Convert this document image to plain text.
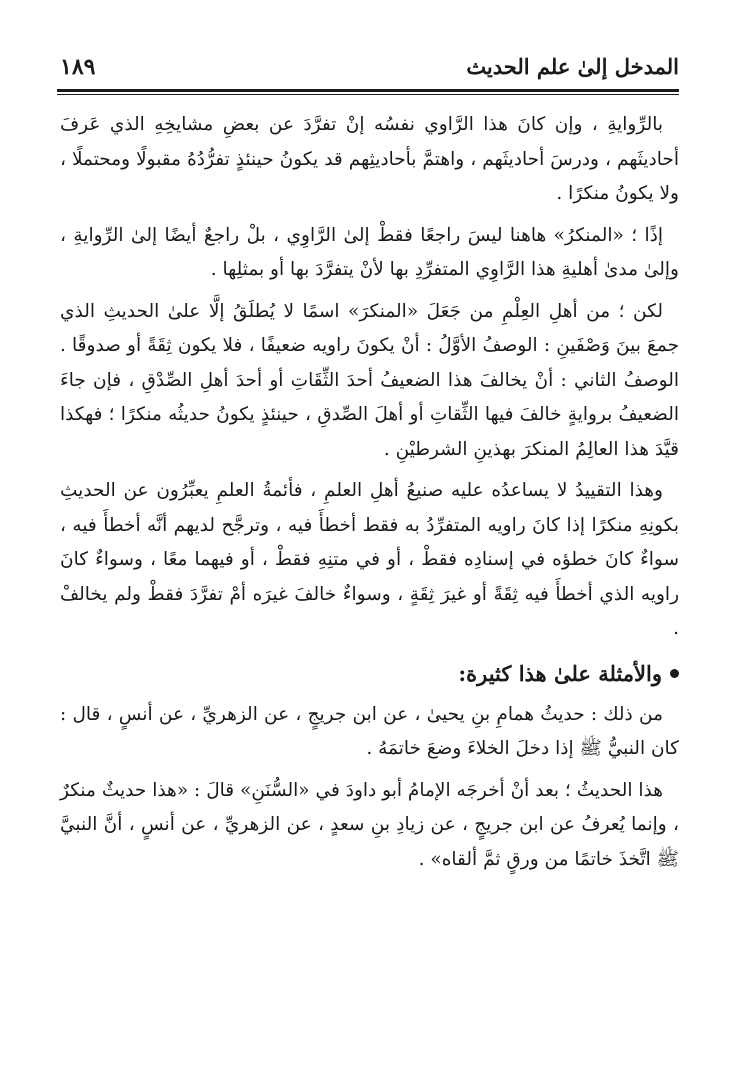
المدخل إلىٰ علم الحديث
١٨٩

بالرِّوايةِ ، وإن كانَ هذا الرَّاوي نفسُه إنْ تفرَّدَ عن بعضِ مشايخِهِ الذي عَرفَ أحاديثَهم ، ودرسَ أحاديثَهم ، واهتمَّ بأحاديثِهم قد يكونُ حينئذٍ تفرُّدُهُ مقبولًا ومحتملًا ، ولا يكونُ منكرًا .

إذًا ؛ «المنكرُ» هاهنا ليسَ راجعًا فقطْ إلىٰ الرَّاوِي ، بلْ راجعٌ أيضًا إلىٰ الرِّوايةِ ، وإلىٰ مدىٰ أهليةِ هذا الرَّاوِي المتفرِّدِ بها لأنْ يتفرَّدَ بها أو بمثلِها .

لكن ؛ من أهلِ العِلْمِ من جَعَلَ «المنكرَ» اسمًا لا يُطلَقُ إلَّا علىٰ الحديثِ الذي جمعَ بينَ وَصْفَينِ : الوصفُ الأوَّلُ : أنْ يكونَ راويه ضعيفًا ، فلا يكون ثِقَةً أو صدوقًا . الوصفُ الثاني : أنْ يخالفَ هذا الضعيفُ أحدَ الثِّقَاتِ أو أحدَ أهلِ الصِّدْقِ ، فإن جاءَ الضعيفُ بروايةٍ خالفَ فيها الثِّقاتِ أو أهلَ الصِّدقِ ، حينئذٍ يكونُ حديثُه منكرًا ؛ فهكذا قيَّدَ هذا العالِمُ المنكرَ بهذينِ الشرطيْنِ .

وهذا التقييدُ لا يساعدُه عليه صنيعُ أهلِ العلمِ ، فأئمةُ العلمِ يعبِّرُون عن الحديثِ بكونِهِ منكرًا إذا كانَ راويه المتفرِّدُ به فقط أخطأَ فيه ، وترجَّح لديهم أنَّه أخطأَ فيه ، سواءٌ كانَ خطؤه في إسنادِه فقطْ ، أو في متنِهِ فقطْ ، أو فيهما معًا ، وسواءٌ كانَ راويه الذي أخطأَ فيه ثِقَةً أو غيرَ ثِقَةٍ ، وسواءٌ خالفَ غيرَه أمْ تفرَّدَ فقطْ ولم يخالفْ .

والأمثلة علىٰ هذا كثيرة:

من ذلك : حديثُ همامِ بنِ يحيىٰ ، عن ابن جريجٍ ، عن الزهريِّ ، عن أنسٍ ، قال : كان النبيُّ ﷺ إذا دخلَ الخلاءَ وضعَ خاتمَهُ .

هذا الحديثُ ؛ بعد أنْ أخرجَه الإمامُ أبو داودَ في «السُّنَنِ» قالَ : «هذا حديثٌ منكرٌ ، وإنما يُعرفُ عن ابن جريجٍ ، عن زيادِ بنِ سعدٍ ، عن الزهريِّ ، عن أنسٍ ، أنَّ النبيَّ ﷺ اتَّخذَ خاتمًا من ورقٍ ثمَّ ألقاه» .
